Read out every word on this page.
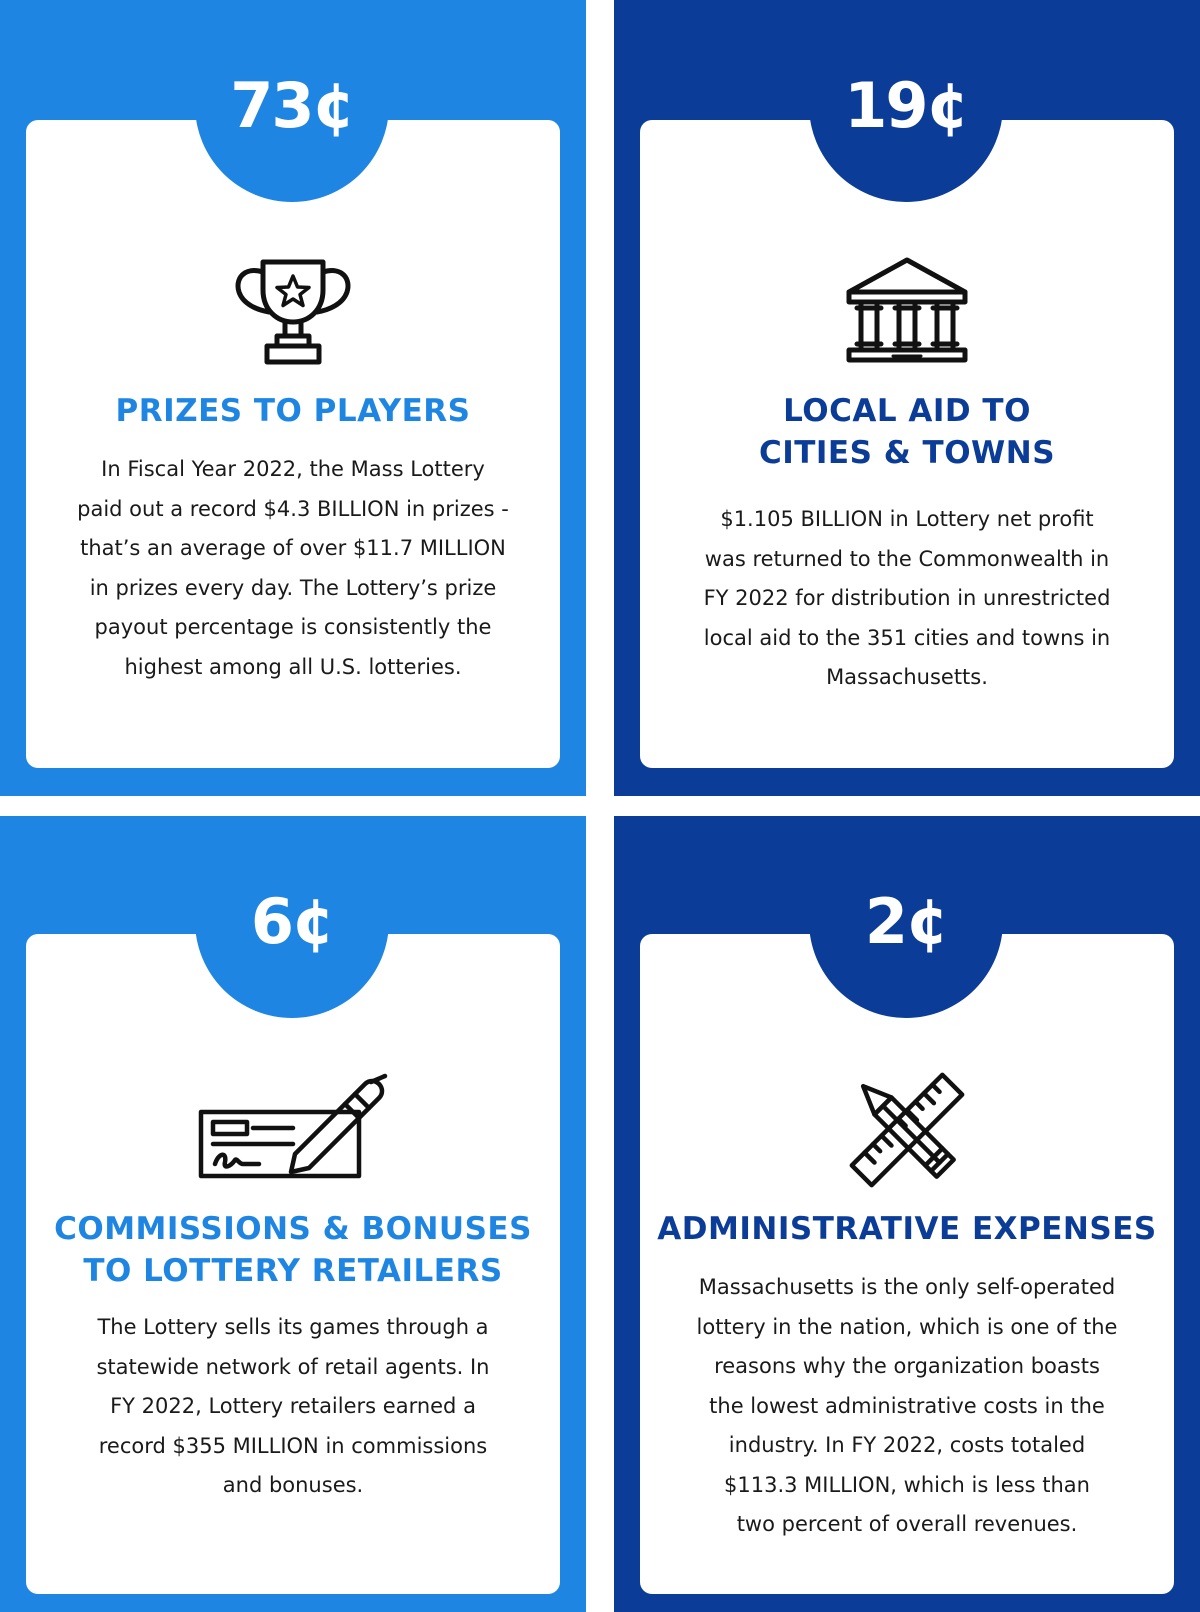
73¢
PRIZES TO PLAYERS
In Fiscal Year 2022, the Mass Lottery
paid out a record $4.3 BILLION in prizes -
that’s an average of over $11.7 MILLION
in prizes every day. The Lottery’s prize
payout percentage is consistently the
highest among all U.S. lotteries.
19¢
LOCAL AID TO
CITIES & TOWNS
$1.105 BILLION in Lottery net profit
was returned to the Commonwealth in
FY 2022 for distribution in unrestricted
local aid to the 351 cities and towns in
Massachusetts.
6¢
COMMISSIONS & BONUSES
TO LOTTERY RETAILERS
The Lottery sells its games through a
statewide network of retail agents. In
FY 2022, Lottery retailers earned a
record $355 MILLION in commissions
and bonuses.
2¢
ADMINISTRATIVE EXPENSES
Massachusetts is the only self-operated
lottery in the nation, which is one of the
reasons why the organization boasts
the lowest administrative costs in the
industry. In FY 2022, costs totaled
$113.3 MILLION, which is less than
two percent of overall revenues.
